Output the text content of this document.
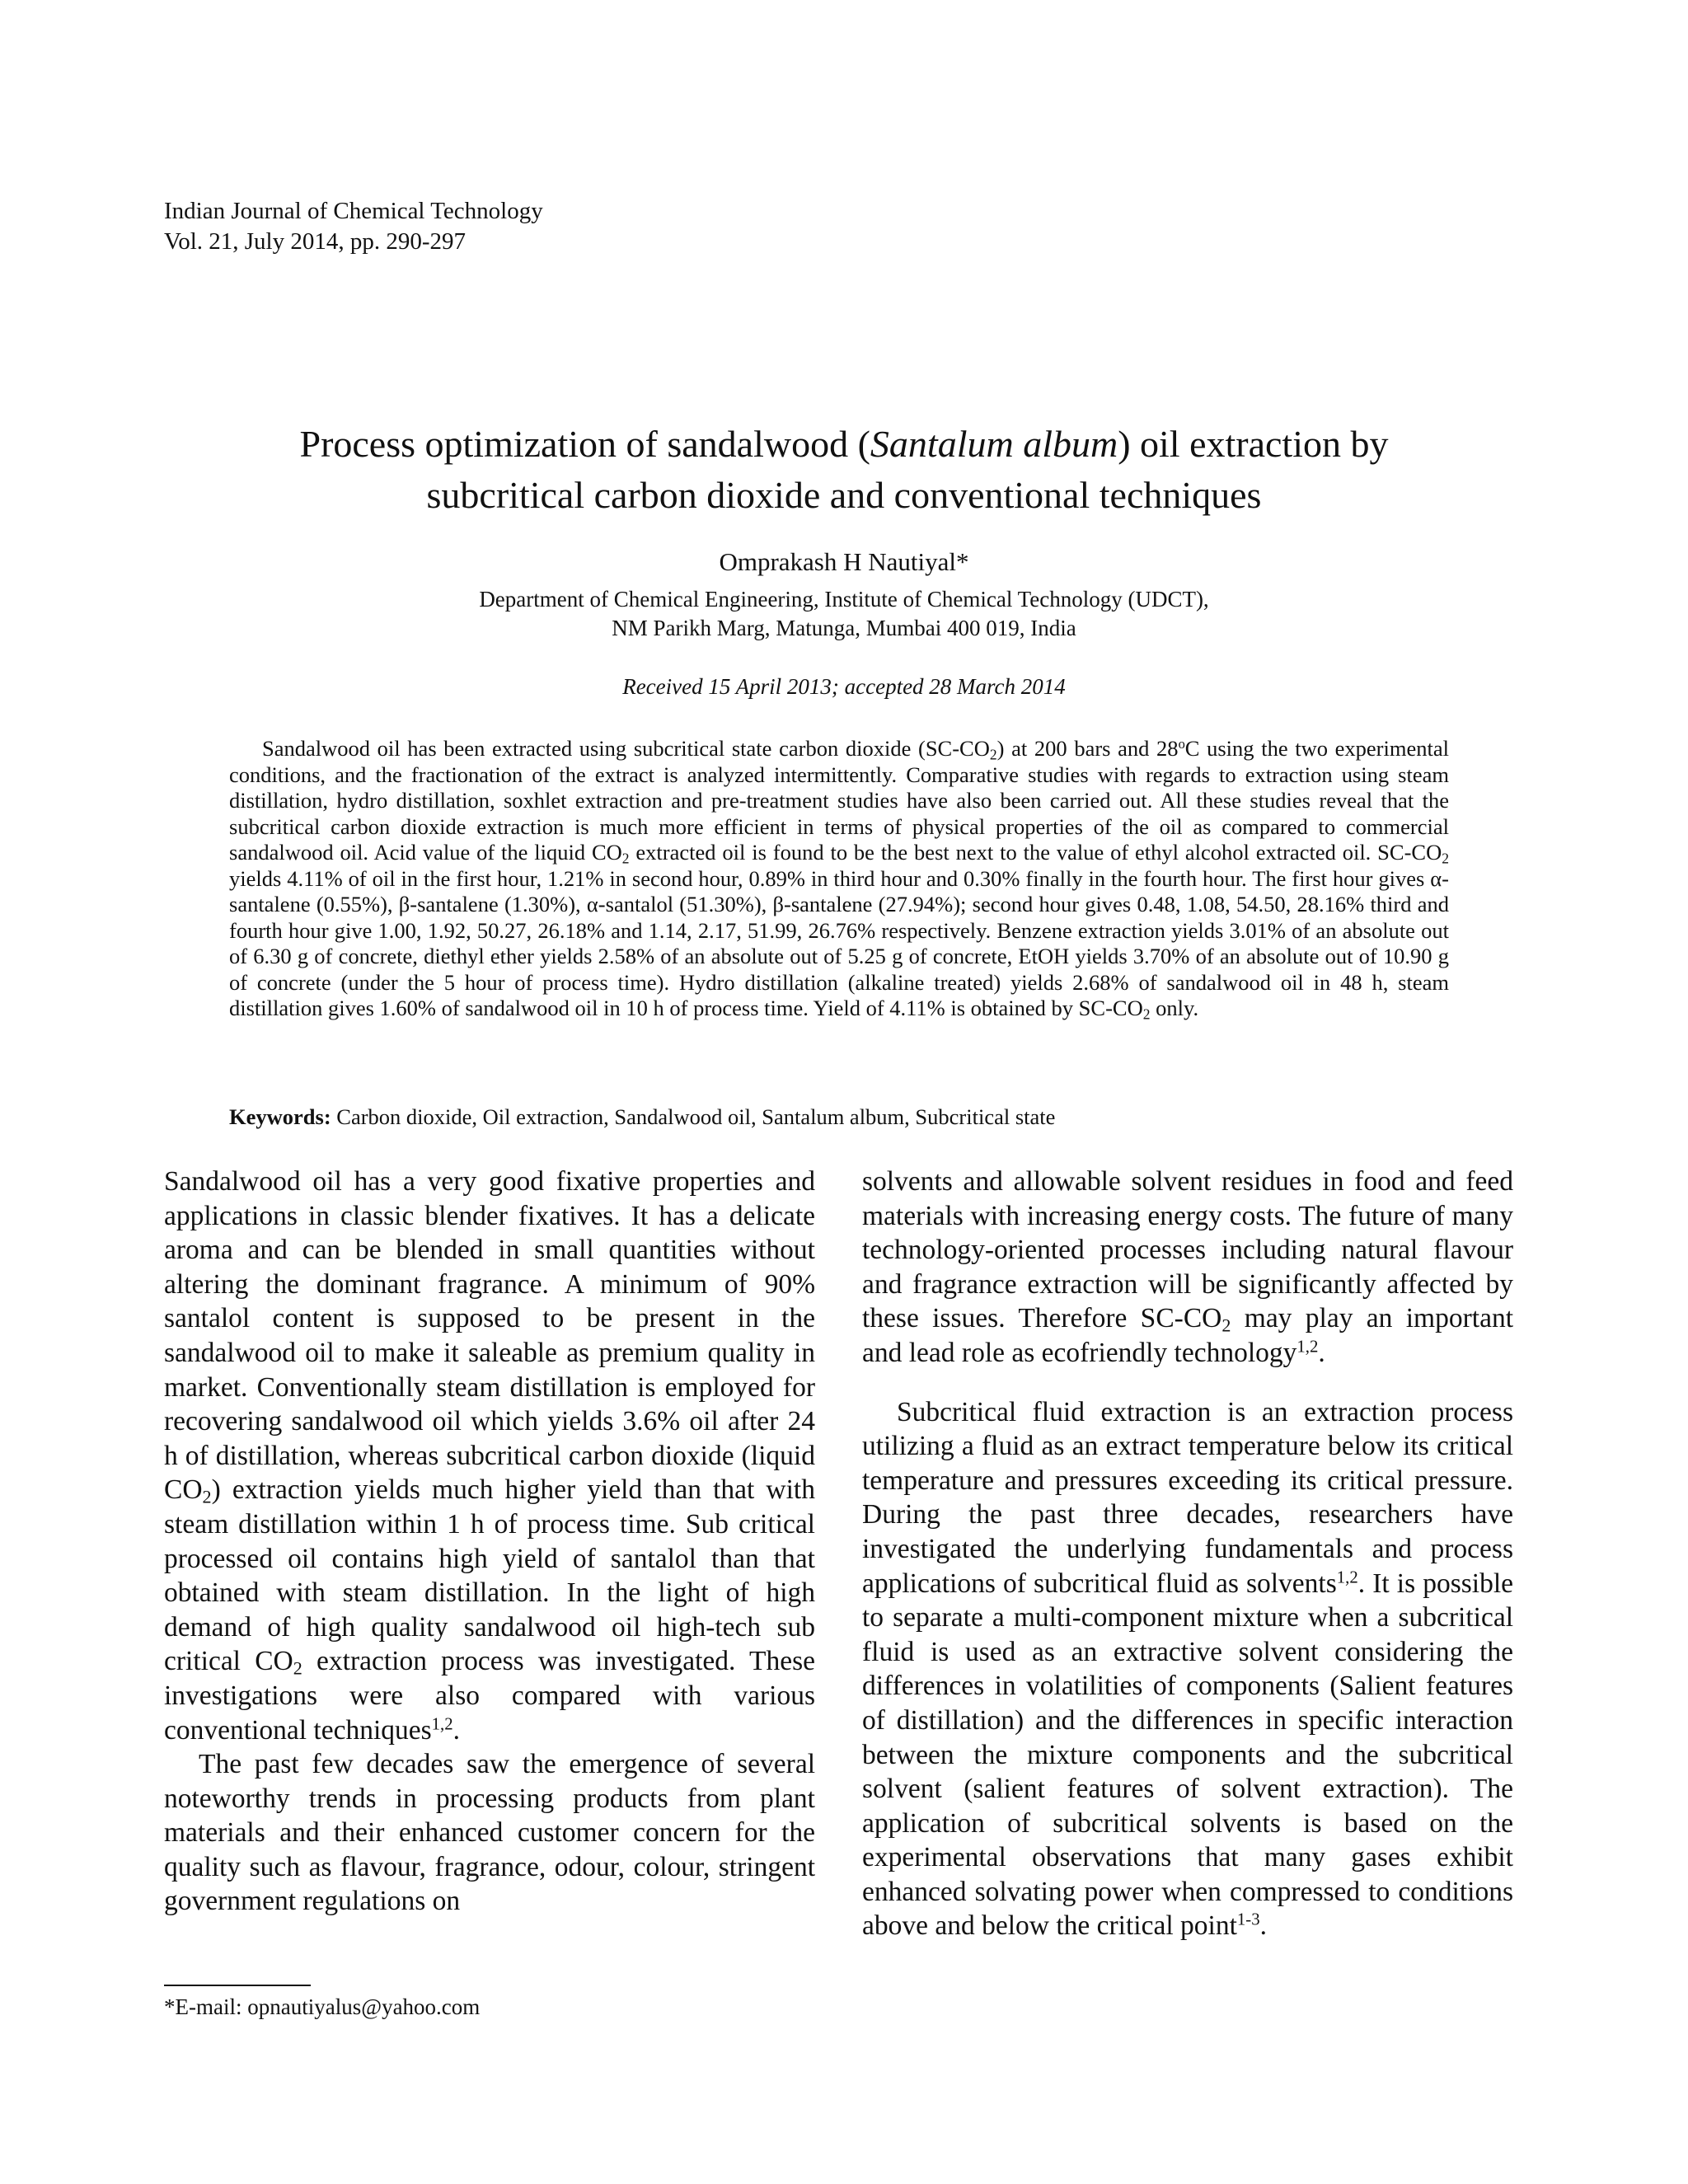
Indian Journal of Chemical Technology
Vol. 21, July 2014, pp. 290-297
Process optimization of sandalwood (Santalum album) oil extraction by
subcritical carbon dioxide and conventional techniques
Omprakash H Nautiyal*
Department of Chemical Engineering, Institute of Chemical Technology (UDCT),
NM Parikh Marg, Matunga, Mumbai 400 019, India
Received 15 April 2013; accepted 28 March 2014
Sandalwood oil has been extracted using subcritical state carbon dioxide $(SC-CO_2)$ at 200 bars and 28$^o$C using the two experimental conditions, and the fractionation of the extract is analyzed intermittently. Comparative studies with regards to extraction using steam distillation, hydro distillation, soxhlet extraction and pre-treatment studies have also been carried out. All these studies reveal that the subcritical carbon dioxide extraction is much more efficient in terms of physical properties of the oil as compared to commercial sandalwood oil. Acid value of the liquid $CO_2$ extracted oil is found to be the best next to the value of ethyl alcohol extracted oil. $SC-CO_2$ yields 4.11% of oil in the first hour, 1.21% in second hour, 0.89% in third hour and 0.30% finally in the fourth hour. The first hour gives α-santalene (0.55%), β-santalene (1.30%), α-santalol (51.30%), β-santalene (27.94%); second hour gives 0.48, 1.08, 54.50, 28.16% third and fourth hour give 1.00, 1.92, 50.27, 26.18% and 1.14, 2.17, 51.99, 26.76% respectively. Benzene extraction yields 3.01% of an absolute out of 6.30 g of concrete, diethyl ether yields 2.58% of an absolute out of 5.25 g of concrete, EtOH yields 3.70% of an absolute out of 10.90 g of concrete (under the 5 hour of process time). Hydro distillation (alkaline treated) yields 2.68% of sandalwood oil in 48 h, steam distillation gives 1.60% of sandalwood oil in 10 h of process time. Yield of 4.11% is obtained by $SC-CO_2$ only.
Keywords: Carbon dioxide, Oil extraction, Sandalwood oil, Santalum album, Subcritical state

Sandalwood oil has a very good fixative properties and applications in classic blender fixatives. It has a delicate aroma and can be blended in small quantities without altering the dominant fragrance. A minimum of 90% santalol content is supposed to be present in the sandalwood oil to make it saleable as premium quality in market. Conventionally steam distillation is employed for recovering sandalwood oil which yields 3.6% oil after 24 h of distillation, whereas subcritical carbon dioxide (liquid $CO_2$) extraction yields much higher yield than that with steam distillation within 1 h of process time. Sub critical processed oil contains high yield of santalol than that obtained with steam distillation. In the light of high demand of high quality sandalwood oil high-tech sub critical $CO_2$ extraction process was investigated. These investigations were also compared with various conventional techniques$^{1,2}$.

The past few decades saw the emergence of several noteworthy trends in processing products from plant materials and their enhanced customer concern for the quality such as flavour, fragrance, odour, colour, stringent government regulations on

solvents and allowable solvent residues in food and feed materials with increasing energy costs. The future of many technology-oriented processes including natural flavour and fragrance extraction will be significantly affected by these issues. Therefore $SC-CO_2$ may play an important and lead role as ecofriendly technology$^{1,2}$.

Subcritical fluid extraction is an extraction process utilizing a fluid as an extract temperature below its critical temperature and pressures exceeding its critical pressure. During the past three decades, researchers have investigated the underlying fundamentals and process applications of subcritical fluid as solvents$^{1,2}$. It is possible to separate a multi-component mixture when a subcritical fluid is used as an extractive solvent considering the differences in volatilities of components (Salient features of distillation) and the differences in specific interaction between the mixture components and the subcritical solvent (salient features of solvent extraction). The application of subcritical solvents is based on the experimental observations that many gases exhibit enhanced solvating power when compressed to conditions above and below the critical point$^{1-3}$.

*E-mail: opnautiyalus@yahoo.com
